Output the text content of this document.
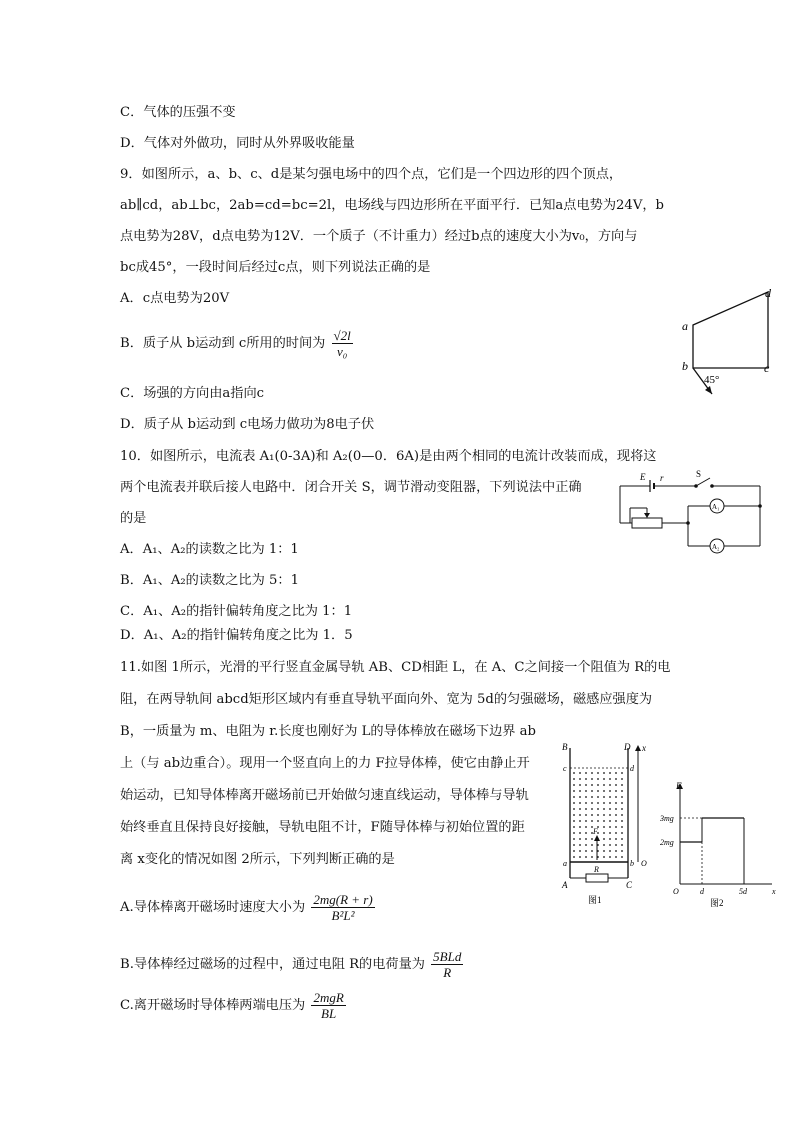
C．气体的压强不变
D．气体对外做功，同时从外界吸收能量
9．如图所示，a、b、c、d是某匀强电场中的四个点，它们是一个四边形的四个顶点，
ab∥cd，ab⊥bc，2ab=cd=bc=2l，电场线与四边形所在平面平行．已知a点电势为24V，b
点电势为28V，d点电势为12V．一个质子（不计重力）经过b点的速度大小为v₀，方向与
bc成45°，一段时间后经过c点，则下列说法正确的是
A．c点电势为20V
B．质子从 b运动到 c所用的时间为 $\frac{√2l}{\text{v₀}}$
C．场强的方向由a指向c
D．质子从 b运动到 c电场力做功为8电子伏
10．如图所示，电流表 A₁(0-3A)和 A₂(0—0．6A)是由两个相同的电流计改装而成，现将这
两个电流表并联后接人电路中．闭合开关 S，调节滑动变阻器，下列说法中正确
的是
A．A₁、A₂的读数之比为 1：1
B．A₁、A₂的读数之比为 5：1
C．A₁、A₂的指针偏转角度之比为 1：1
D．A₁、A₂的指针偏转角度之比为 1．5
11.如图 1所示，光滑的平行竖直金属导轨 AB、CD相距 L，在 A、C之间接一个阻值为 R的电
阻，在两导轨间 abcd矩形区域内有垂直导轨平面向外、宽为 5d的匀强磁场，磁感应强度为
B，一质量为 m、电阻为 r.长度也刚好为 L的导体棒放在磁场下边界 ab
上（与 ab边重合）。现用一个竖直向上的力 F拉导体棒，使它由静止开
始运动，已知导体棒离开磁场前已开始做匀速直线运动，导体棒与导轨
始终垂直且保持良好接触，导轨电阻不计，F随导体棒与初始位置的距
离 x变化的情况如图 2所示，下列判断正确的是
A.导体棒离开磁场时速度大小为 $\frac{2mg(R + r)}{\text{B²L²}}$
B.导体棒经过磁场的过程中，通过电阻 R的电荷量为 $\frac{\text{5BLd}}{R}$
C.离开磁场时导体棒两端电压为 $\frac{\text{2mgR}}{BL}$
a
b	c
d
45°
E r	S
A₁
A₂
B	D x
c	d
F
a	b O
A	C
R
图1
F
3mg
2mg
O	d	5d	x
图2
